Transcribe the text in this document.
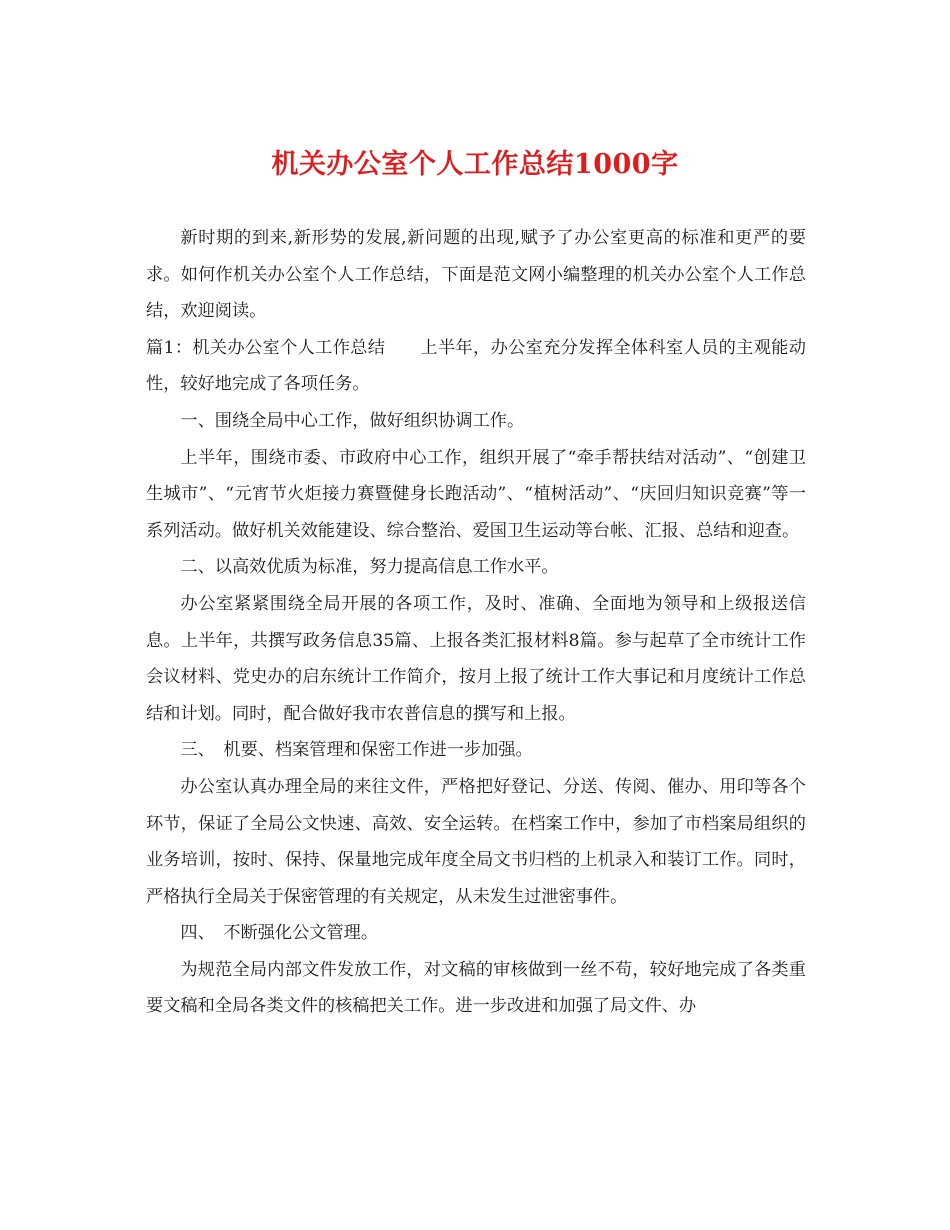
机关办公室个人工作总结1000字

新时期的到来,新形势的发展,新问题的出现,赋予了办公室更高的标准和更严的要求。如何作机关办公室个人工作总结，下面是范文网小编整理的机关办公室个人工作总结，欢迎阅读。

篇1：机关办公室个人工作总结　　上半年，办公室充分发挥全体科室人员的主观能动性，较好地完成了各项任务。

一、围绕全局中心工作，做好组织协调工作。

上半年，围绕市委、市政府中心工作，组织开展了“牵手帮扶结对活动”、“创建卫生城市”、“元宵节火炬接力赛暨健身长跑活动”、“植树活动”、“庆回归知识竞赛”等一系列活动。做好机关效能建设、综合整治、爱国卫生运动等台帐、汇报、总结和迎查。

二、以高效优质为标准，努力提高信息工作水平。

办公室紧紧围绕全局开展的各项工作，及时、准确、全面地为领导和上级报送信息。上半年，共撰写政务信息35篇、上报各类汇报材料8篇。参与起草了全市统计工作会议材料、党史办的启东统计工作简介，按月上报了统计工作大事记和月度统计工作总结和计划。同时，配合做好我市农普信息的撰写和上报。

三、　机要、档案管理和保密工作进一步加强。

办公室认真办理全局的来往文件，严格把好登记、分送、传阅、催办、用印等各个环节，保证了全局公文快速、高效、安全运转。在档案工作中，参加了市档案局组织的业务培训，按时、保持、保量地完成年度全局文书归档的上机录入和装订工作。同时，严格执行全局关于保密管理的有关规定，从未发生过泄密事件。

四、　不断强化公文管理。

为规范全局内部文件发放工作，对文稿的审核做到一丝不苟，较好地完成了各类重要文稿和全局各类文件的核稿把关工作。进一步改进和加强了局文件、办
